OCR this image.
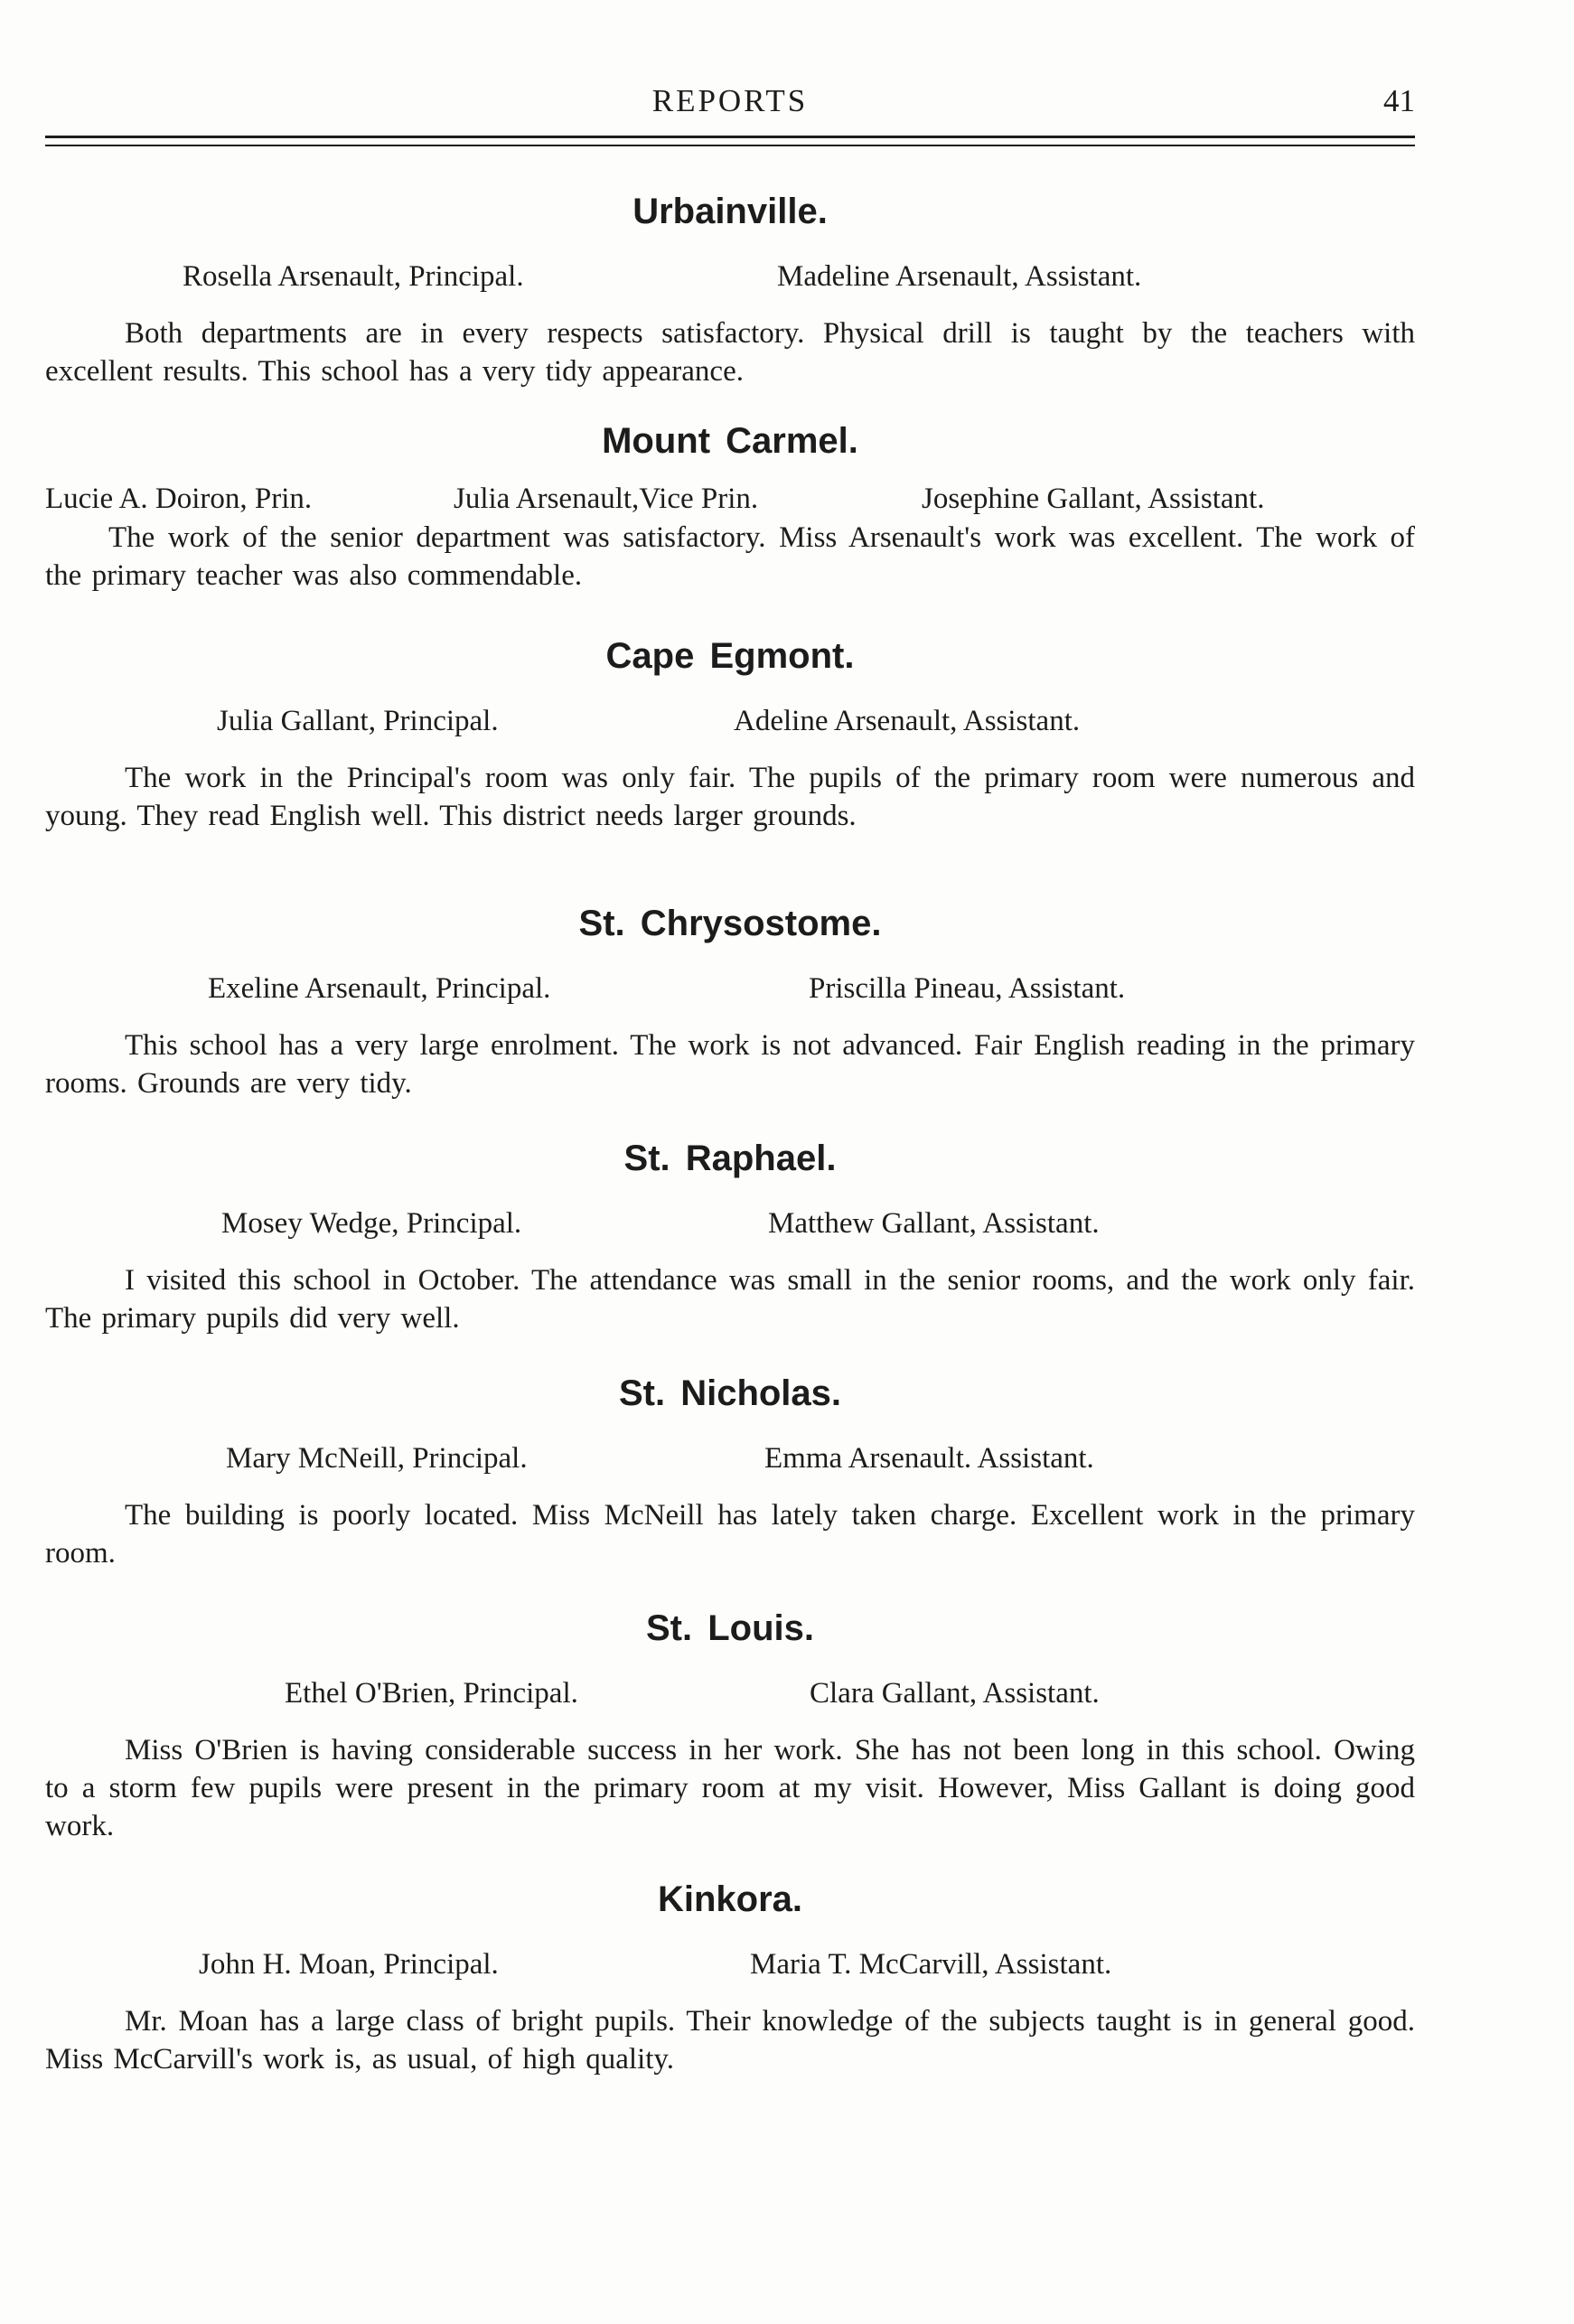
REPORTS	41
Urbainville.
Rosella Arsenault, Principal.	Madeline Arsenault, Assistant.

Both departments are in every respects satisfactory. Physical drill is taught by the teachers with excellent results. This school has a very tidy appearance.

Mount Carmel.
Lucie A. Doiron, Prin.	Julia Arsenault,Vice Prin.	Josephine Gallant, Assistant.

The work of the senior department was satisfactory. Miss Arsenault's work was excellent. The work of the primary teacher was also commendable.

Cape Egmont.
Julia Gallant, Principal.	Adeline Arsenault, Assistant.

The work in the Principal's room was only fair. The pupils of the primary room were numerous and young. They read English well. This district needs larger grounds.

St. Chrysostome.
Exeline Arsenault, Principal.	Priscilla Pineau, Assistant.

This school has a very large enrolment. The work is not advanced. Fair English reading in the primary rooms. Grounds are very tidy.

St. Raphael.
Mosey Wedge, Principal.	Matthew Gallant, Assistant.

I visited this school in October. The attendance was small in the senior rooms, and the work only fair. The primary pupils did very well.

St. Nicholas.
Mary McNeill, Principal.	Emma Arsenault. Assistant.

The building is poorly located. Miss McNeill has lately taken charge. Excellent work in the primary room.

St. Louis.
Ethel O'Brien, Principal.	Clara Gallant, Assistant.

Miss O'Brien is having considerable success in her work. She has not been long in this school. Owing to a storm few pupils were present in the primary room at my visit. However, Miss Gallant is doing good work.

Kinkora.
John H. Moan, Principal.	Maria T. McCarvill, Assistant.

Mr. Moan has a large class of bright pupils. Their knowledge of the subjects taught is in general good. Miss McCarvill's work is, as usual, of high quality.
